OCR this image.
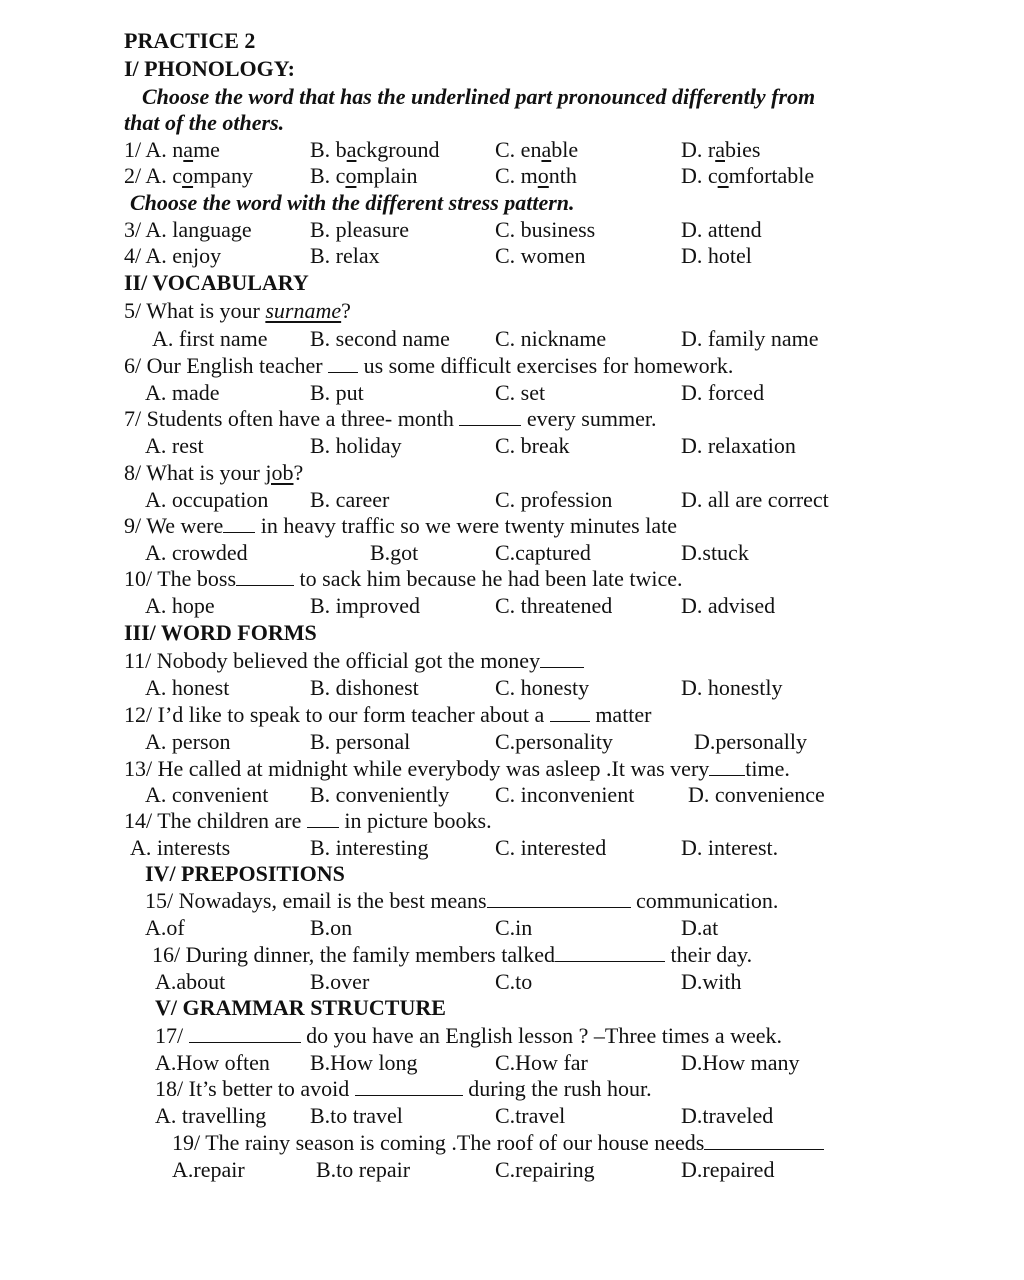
PRACTICE 2
I/ PHONOLOGY:
Choose the word that has the underlined part pronounced differently from
that of the others.
1/ A. name	B. background	C. enable	D. rabies
2/ A. company	B. complain	C. month	D. comfortable
Choose the word with the different stress pattern.
3/ A. language	B. pleasure	C. business	D. attend
4/ A. enjoy	B. relax	C. women	D. hotel
II/ VOCABULARY
5/ What is your surname?
A. first name B. second name C. nickname	D. family name
6/ Our English teacher  us some difficult exercises for homework.
A. made	B. put	C. set	D. forced
7/ Students often have a three- month	every summer.
A. rest	B. holiday	C. break	D. relaxation
8/ What is your job?
A. occupation B. career	C. profession	D. all are correct
9/ We were in heavy traffic so we were twenty minutes late
A. crowded	B.got	C.captured	D.stuck
10/ The boss	to sack him because he had been late twice.
A. hope	B. improved	C. threatened	D. advised
III/ WORD FORMS
11/ Nobody believed the official got the money
A. honest	B. dishonest	C. honesty	D. honestly
12/ I’d like to speak to our form teacher about a  matter
A. person	B. personal	C.personality	D.personally
13/ He called at midnight while everybody was asleep .It was very time.
A. convenient B. conveniently C. inconvenient D. convenience
14/ The children are  in picture books.
A. interests	B. interesting	C. interested	D. interest.
IV/ PREPOSITIONS
15/ Nowadays, email is the best means	communication.
A.of	B.on	C.in	D.at
16/ During dinner, the family members talked	their day.
A.about	B.over	C.to	D.with
V/ GRAMMAR STRUCTURE
17/	do you have an English lesson ? –Three times a week.
A.How often B.How long	C.How far	D.How many
18/ It’s better to avoid	during the rush hour.
A. travelling B.to travel	C.travel	D.traveled
19/ The rainy season is coming .The roof of our house needs
A.repair	B.to repair	C.repairing	D.repaired
